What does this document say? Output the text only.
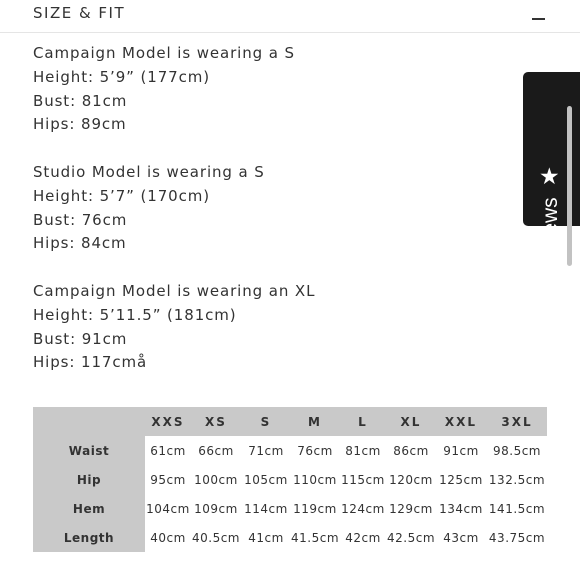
SIZE & FIT
Campaign Model is wearing a S
Height: 5’9” (177cm)
Bust: 81cm
Hips: 89cm
Studio Model is wearing a S
Height: 5’7” (170cm)
Bust: 76cm
Hips: 84cm
Campaign Model is wearing an XL
Height: 5’11.5” (181cm)
Bust: 91cm
Hips: 117cmå
★
Reviews
	XXS	XS	S	M	L	XL	XXL	3XL
Waist	61cm	66cm	71cm	76cm	81cm	86cm	91cm	98.5cm
Hip	95cm	100cm	105cm	110cm	115cm	120cm	125cm	132.5cm
Hem	104cm	109cm	114cm	119cm	124cm	129cm	134cm	141.5cm
Length	40cm	40.5cm	41cm	41.5cm	42cm	42.5cm	43cm	43.75cm
